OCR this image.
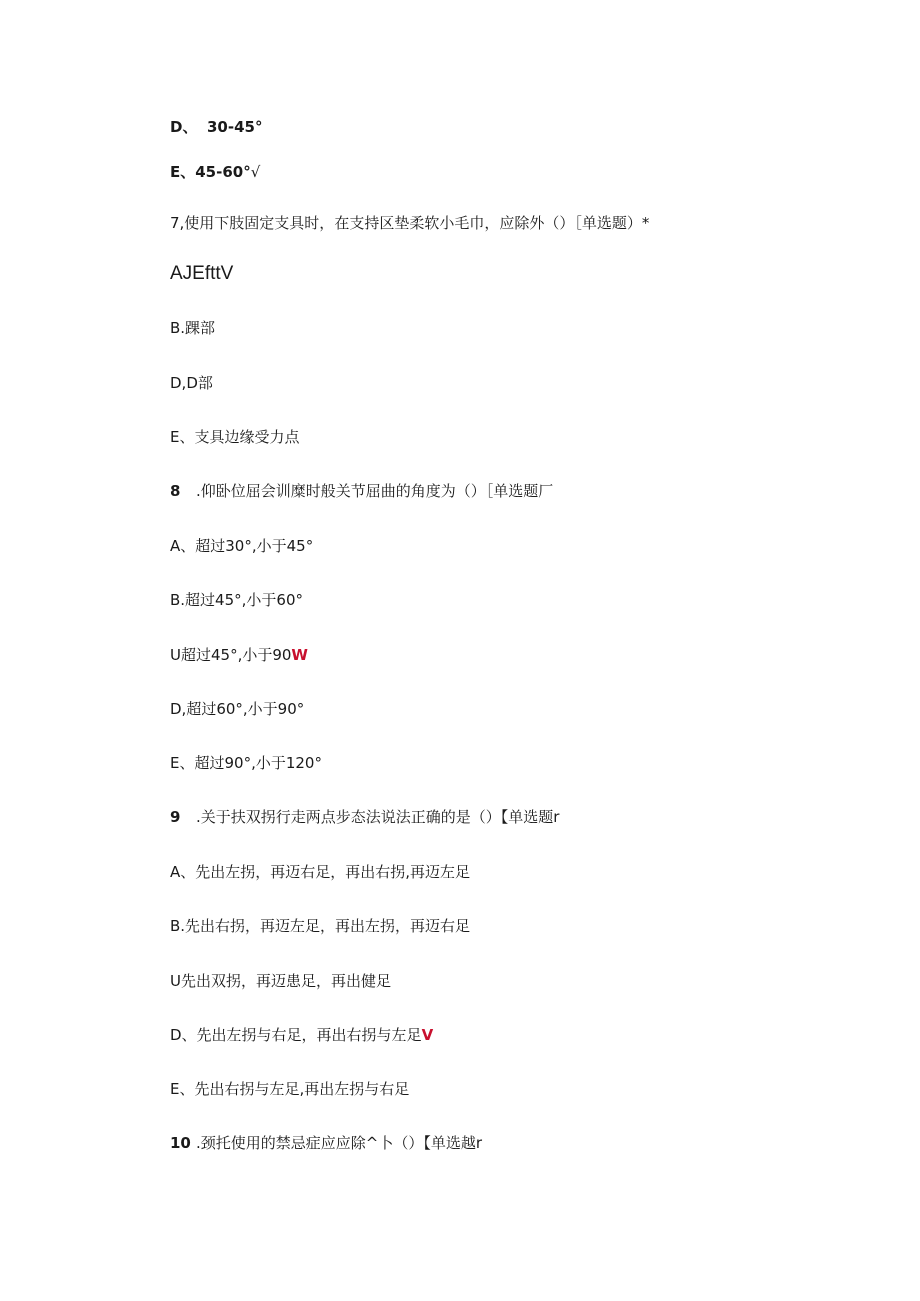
D、 30-45°
E、45-60°√
7,使用下肢固定支具时，在支持区垫柔软小毛巾，应除外（）［单选题）*
AJEfttV
B.踝部
D,D部
E、支具边缘受力点
8 .仰卧位屈会训糜时般关节屈曲的角度为（）［单选题厂
A、超过30°,小于45°
B.超过45°,小于60°
U超过45°,小于90W
D,超过60°,小于90°
E、超过90°,小于120°
9 .关于扶双拐行走两点步态法说法正确的是（）【单选题r
A、先出左拐，再迈右足，再出右拐,再迈左足
B.先出右拐，再迈左足，再出左拐，再迈右足
U先出双拐，再迈患足，再出健足
D、先出左拐与右足，再出右拐与左足V
E、先出右拐与左足,再出左拐与右足
10 .颈托使用的禁忌症应应除^卜（）【单选越r
